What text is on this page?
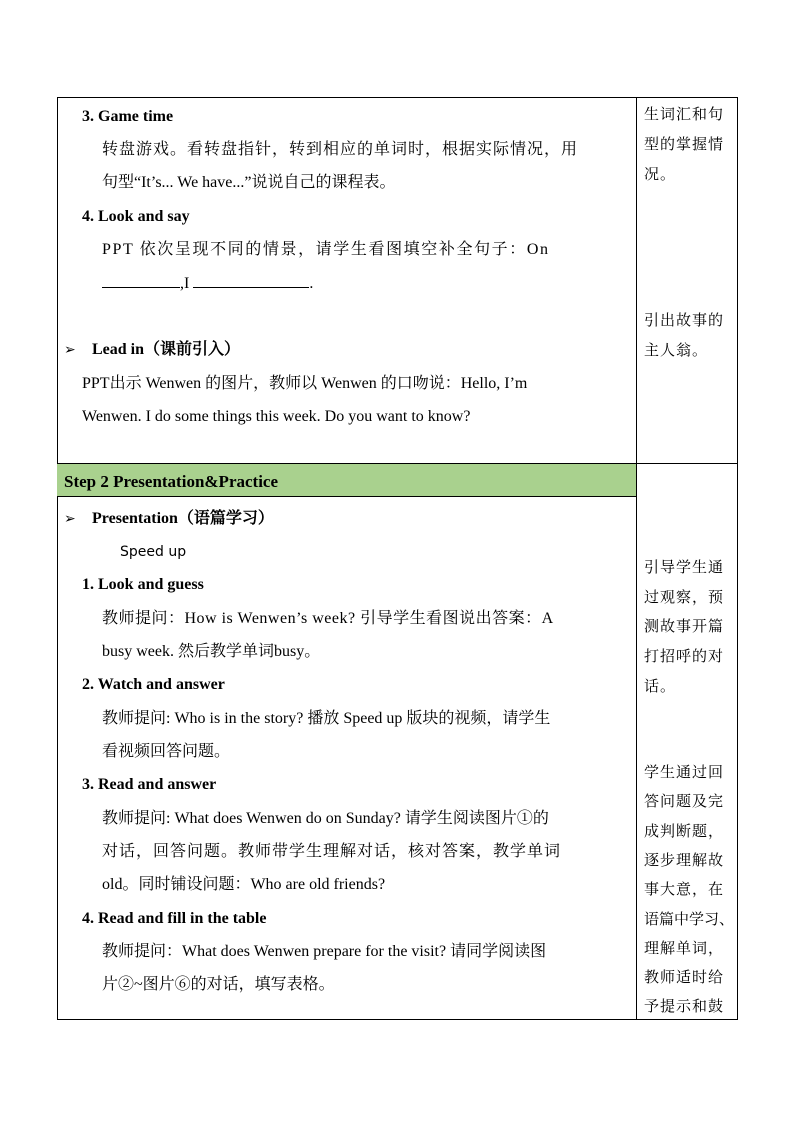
3. Game time
转盘游戏。看转盘指针，转到相应的单词时，根据实际情况，用
句型“It’s... We have...”说说自己的课程表。
4. Look and say
PPT 依次呈现不同的情景，请学生看图填空补全句子：On
,I	.
➢ Lead in（课前引入）
PPT出示 Wenwen 的图片，教师以 Wenwen 的口吻说：Hello, I’m
Wenwen. I do some things this week. Do you want to know?
生词汇和句
型的掌握情
况。
引出故事的
主人翁。
Step 2 Presentation&Practice
➢ Presentation（语篇学习）
Speed up
1. Look and guess
教师提问：How is Wenwen’s week? 引导学生看图说出答案：A
busy week. 然后教学单词busy。
2. Watch and answer
教师提问: Who is in the story? 播放 Speed up 版块的视频，请学生
看视频回答问题。
3. Read and answer
教师提问: What does Wenwen do on Sunday? 请学生阅读图片①的
对话，回答问题。教师带学生理解对话，核对答案，教学单词
old。同时铺设问题：Who are old friends?
4. Read and fill in the table
教师提问：What does Wenwen prepare for the visit? 请同学阅读图
片②~图片⑥的对话，填写表格。
引导学生通
过观察，预
测故事开篇
打招呼的对
话。
学生通过回
答问题及完
成判断题，
逐步理解故
事大意，在
语篇中学习、
理解单词，
教师适时给
予提示和鼓
